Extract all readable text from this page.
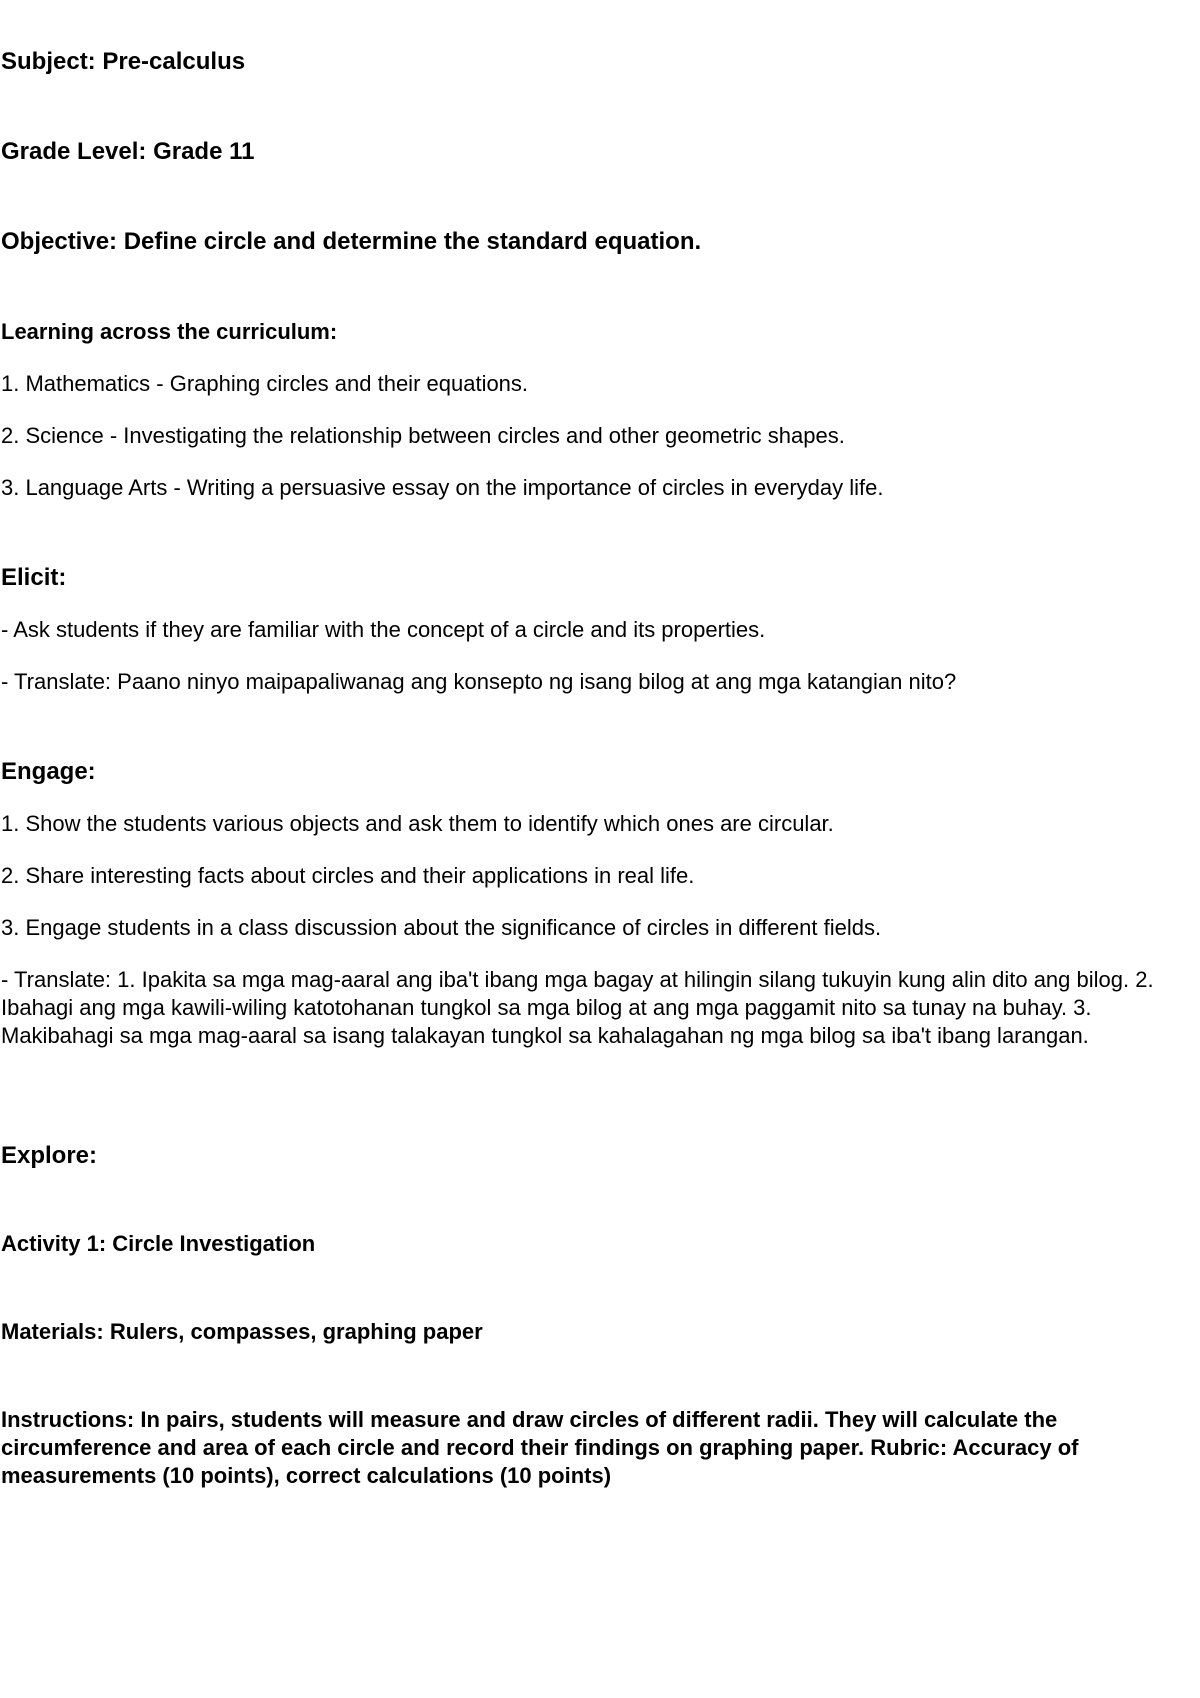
Subject: Pre-calculus

Grade Level: Grade 11

Objective: Define circle and determine the standard equation.

Learning across the curriculum:

1. Mathematics - Graphing circles and their equations.

2. Science - Investigating the relationship between circles and other geometric shapes.

3. Language Arts - Writing a persuasive essay on the importance of circles in everyday life.

Elicit:

- Ask students if they are familiar with the concept of a circle and its properties.

- Translate: Paano ninyo maipapaliwanag ang konsepto ng isang bilog at ang mga katangian nito?

Engage:

1. Show the students various objects and ask them to identify which ones are circular.

2. Share interesting facts about circles and their applications in real life.

3. Engage students in a class discussion about the significance of circles in different fields.

- Translate: 1. Ipakita sa mga mag-aaral ang iba't ibang mga bagay at hilingin silang tukuyin kung alin dito ang bilog. 2. Ibahagi ang mga kawili-wiling katotohanan tungkol sa mga bilog at ang mga paggamit nito sa tunay na buhay. 3. Makibahagi sa mga mag-aaral sa isang talakayan tungkol sa kahalagahan ng mga bilog sa iba't ibang larangan.

Explore:

Activity 1: Circle Investigation

Materials: Rulers, compasses, graphing paper

Instructions: In pairs, students will measure and draw circles of different radii. They will calculate the circumference and area of each circle and record their findings on graphing paper. Rubric: Accuracy of measurements (10 points), correct calculations (10 points)
